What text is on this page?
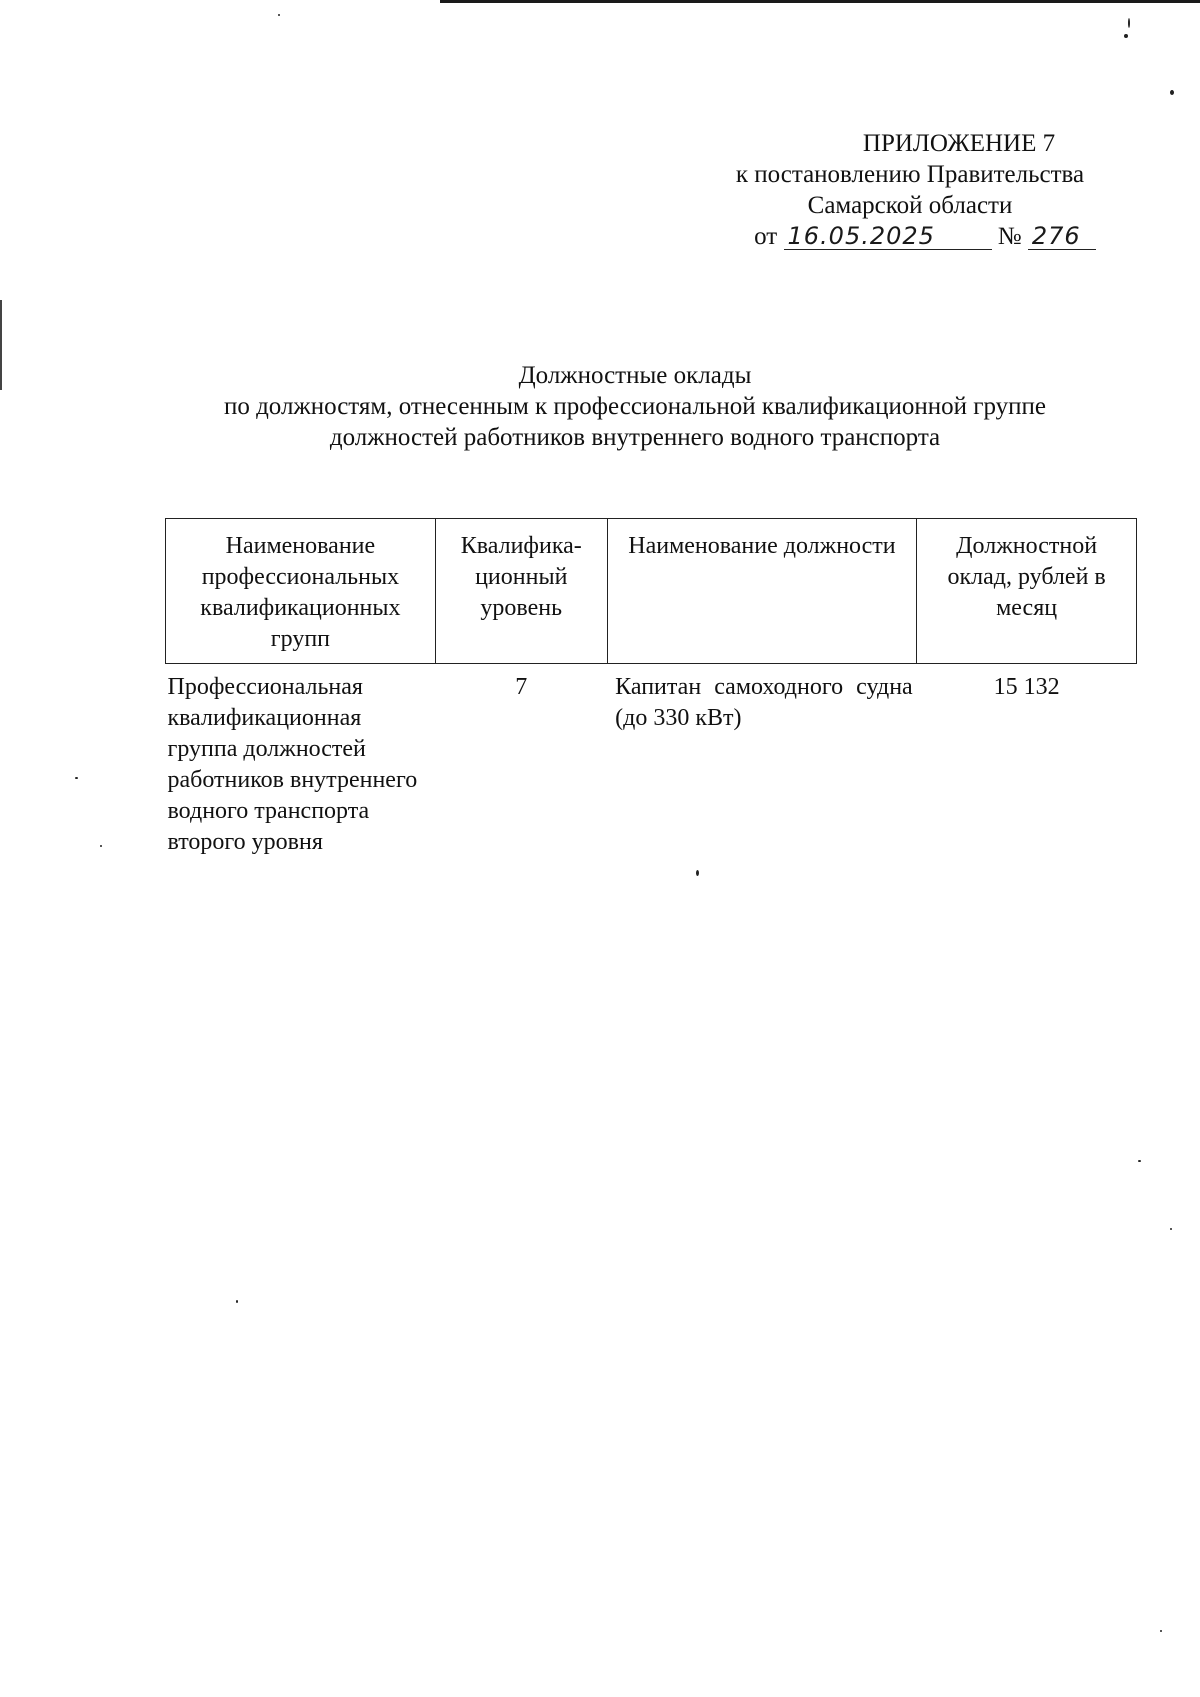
ПРИЛОЖЕНИЕ 7
к постановлению Правительства
Самарской области
от 16.05.2025	№ 276
Должностные оклады
по должностям, отнесенным к профессиональной квалификационной группе
должностей работников внутреннего водного транспорта
Наименование профессиональных квалификационных групп	Квалифика-ционный уровень	Наименование должности	Должностной оклад, рублей в месяц
Профессиональная квалификационная группа должностей работников внутреннего водного транспорта второго уровня	7	Капитан самоходного судна (до 330 кВт)	15 132
